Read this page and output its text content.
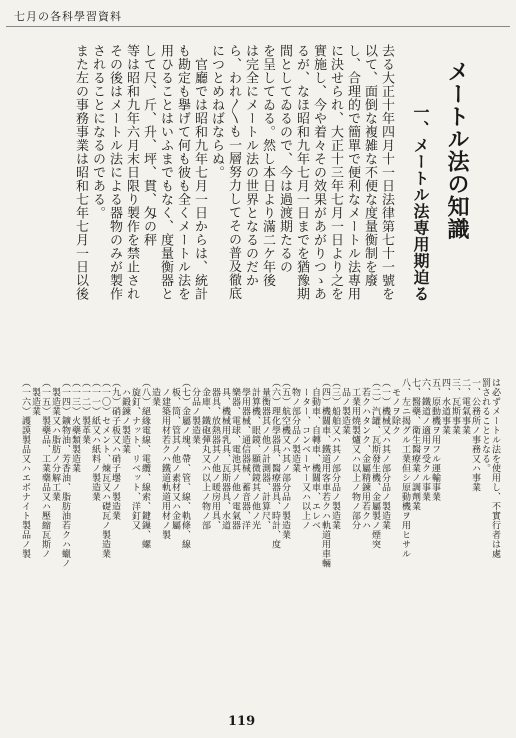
七月の各科學習資料
メートル法の知識
一、メートル法専用期迫る
去る大正十年四月十一日法律第七十一號を
以て、面倒な複雑な不便な度量衡制を廢
し、合理的で簡單で便利なメートル法專用
に決せられ、大正十三年七月一日より之を
實施し、今や着々その效果があがりつゝあ
るが、なほ昭和九年七月一日までを猶豫期
間としてゐるので、今は過渡期たるの
を呈してゐる。然し本日より滿二ケ年後
は完全にメートル法の世界となるのだか
ら、われ〳〵も一層努力してその普及徹底
につとめねばならぬ。
　官廳では昭和九年七月一日からは、統計
も勘定も擧げて何も彼も全くメートル法を
用ひることはいふまでもなく、度量衡器と
して尺、斤、升、坪、貫、匁の秤
等は昭和九年六月末日限り製作を禁止され
その後はメートル法による器物のみが製作
されることになるのである。
また左の事務事業は昭和七年七月一日以後
は必ずメートル法を使用し、不實行者は處
罰されることとなる。
一、公務所ノ事務又ハ事業
二、電氣事業
三、瓦斯事業
四、水道事業
五、原動機ヲ用フル運輸事業
六、鐵道ノ適用ヲ受クル事業
七、醫藥、衛生醫療業ノ調劑業
八、左ニ揭グル工業但シ原動機ヲ用ヒサル
　モノヲ除ク
（一）機械又ハ其ノ部分品ノ製造業
（二）汽罐、瓦斯發生機、金屬製ノ煙突
　若クハタンク、金屬精錬用若クハ
　工業用燒製爐又ハ以上ノ物ノ部分
　品ノ製造業
（三）船舶又ハ其ノ部分品ノ製造業
（四）機關車、鐵道用客車若クハ軌道用車輛
　自動車、自轉車、機關車、エレベ
　ーター、コンベーヤー又ハ以上ノ
　物ノ部分品ノ製造業
（五）航空機又ハ其ノ部分品ノ製造業
（六）理化學器具、醫療器具、時計、度
　量衡器其ノ他ノ計測器、計算尺、
　計算機、眼鏡、顯微鏡其ノ他ノ光
　學用器械、通信器械、蓄音器、洋
　樂器、電球、電池其ノ他ノ電氣器
　具、機械用乳具、瓦斯器具、水道
　器具、放熱器其ノ他ノ暖房用具、
　金庫、鐵砲彈丸又ハ以上ノ物ノ部
　分品ノ製造業
（七）金屬ノ塊、帶、管、線、軌條、線
　板、筒、管其ノ他ノ素材又ハ金屬
　ノ建築用材若クハ鐵道軌道用材ノ製
　造業
（八）絕緣電線、電纜、線索、鍵鏁、螺
　旋釘、ナット、リベット、洋釘又
　ハ鍛錬ノ製造業
（九）硝子板又ハ硝子壜ノ製造業
（一〇）セメント、煉瓦又ハ礎瓦ノ製造業
（一一）紙又ハ紙料ノ製造業
（一二）製革業
（一三）火藥類製造業
（一四）鑛物油、芳香油、脂肪油若クハ蠟ノ
　製造業又ハ脂肪ノ分解工業
（一五）製藥品、工業藥品又ハ壓縮瓦斯ノ
　製造業
（一六）護謨製品又ハエボナイト製品ノ製
119
